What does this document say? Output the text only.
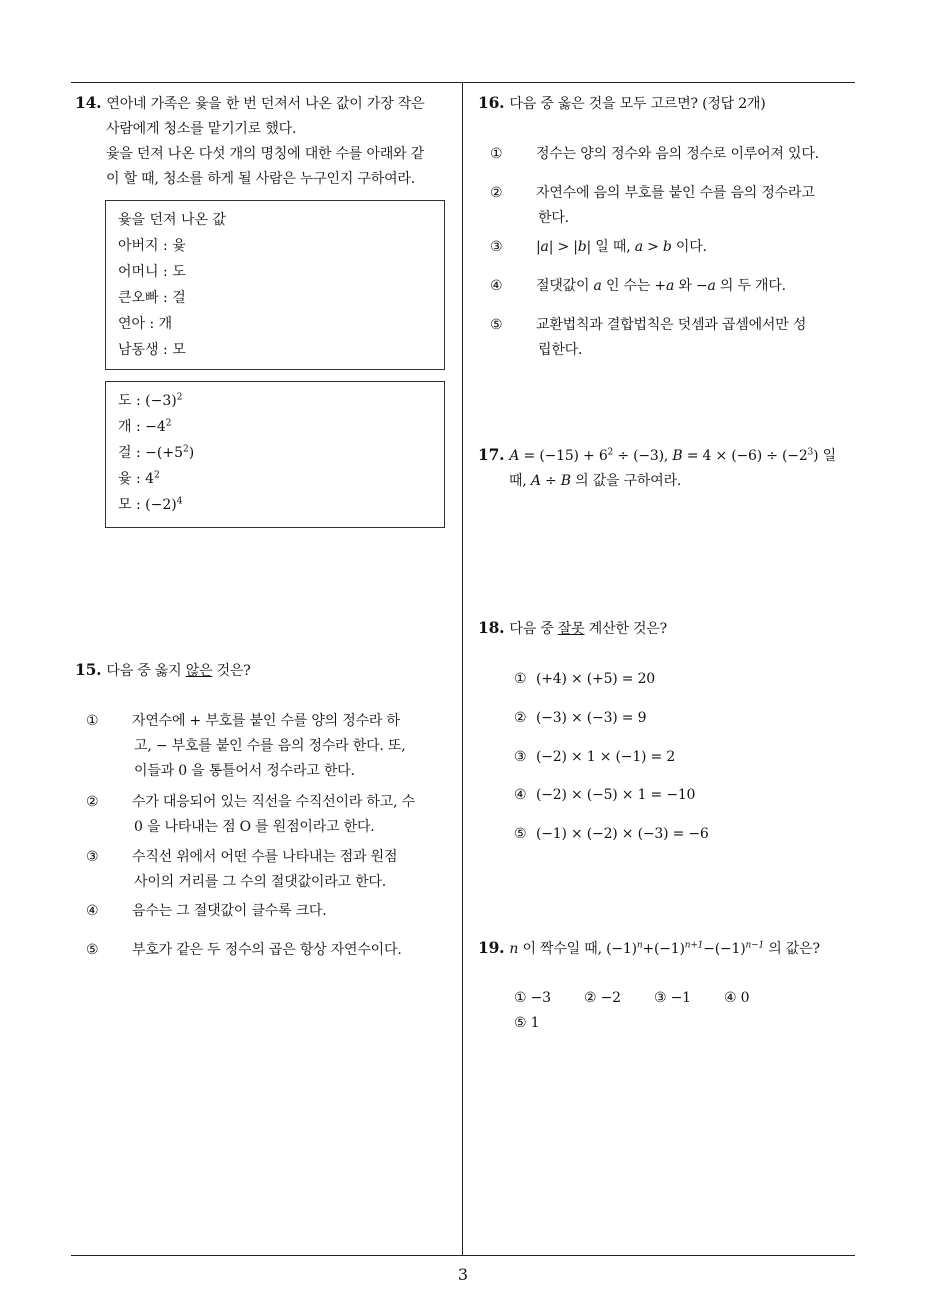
14. 연아네 가족은 윷을 한 번 던져서 나온 값이 가장 작은
사람에게 청소를 맡기기로 했다.
윷을 던져 나온 다섯 개의 명칭에 대한 수를 아래와 같
이 할 때, 청소를 하게 될 사람은 누구인지 구하여라.
윷을 던져 나온 값
아버지 : 윷
어머니 : 도
큰오빠 : 걸
연아 : 개
남동생 : 모
도 : $(-3)^2$
개 : $-4^2$
걸 : $-(+5^2)$
윷 : $4^2$
모 : $(-2)^4$
15. 다음 중 옳지 않은 것은?
① 자연수에 + 부호를 붙인 수를 양의 정수라 하
고, − 부호를 붙인 수를 음의 정수라 한다. 또,
이들과 0 을 통틀어서 정수라고 한다.
② 수가 대응되어 있는 직선을 수직선이라 하고, 수
0 을 나타내는 점 O 를 원점이라고 한다.
③ 수직선 위에서 어떤 수를 나타내는 점과 원점
사이의 거리를 그 수의 절댓값이라고 한다.
④ 음수는 그 절댓값이 클수록 크다.
⑤ 부호가 같은 두 정수의 곱은 항상 자연수이다.
16. 다음 중 옳은 것을 모두 고르면? (정답 2개)
① 정수는 양의 정수와 음의 정수로 이루어져 있다.
② 자연수에 음의 부호를 붙인 수를 음의 정수라고
한다.
③ |a| > |b| 일 때, a > b 이다.
④ 절댓값이 a 인 수는 +a 와 −a 의 두 개다.
⑤ 교환법칙과 결합법칙은 덧셈과 곱셈에서만 성
립한다.
17. $A = (-15) + 6^2 \div (-3)$, $B = 4 \times (-6) \div (-2^3)$ 일
때, A ÷ B 의 값을 구하여라.
18. 다음 중 잘못 계산한 것은?
① (+4) × (+5) = 20
② (−3) × (−3) = 9
③ (−2) × 1 × (−1) = 2
④ (−2) × (−5) × 1 = −10
⑤ (−1) × (−2) × (−3) = −6
19. n 이 짝수일 때, $(-1)^n+(-1)^{n+1}-(-1)^{n-1}$ 의 값은?
① −3 ② −2 ③ −1 ④ 0⑤ 1
3
